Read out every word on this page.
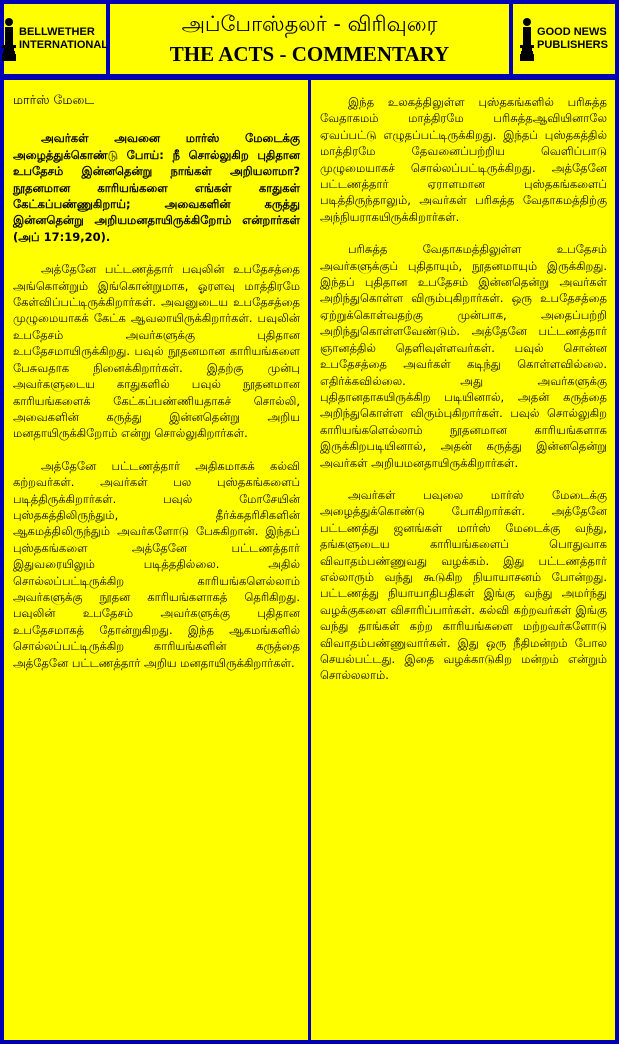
BELLWETHER
INTERNATIONAL
அப்போஸ்தலர் - விரிவுரை
THE ACTS - COMMENTARY
GOOD NEWS
PUBLISHERS
மார்ஸ் மேடை

அவர்கள் அவனை மார்ஸ் மேடைக்கு அழைத்துக்கொண்டு போய்: நீ சொல்லுகிற புதிதான உபதேசம் இன்னதென்று நாங்கள் அறியலாமா? நூதனமான காரியங்களை எங்கள் காதுகள் கேட்கப்பண்ணுகிறாய்; அவைகளின் கருத்து இன்னதென்று அறியமனதாயிருக்கிறோம் என்றார்கள் (அப் 17:19,20).

அத்தேனே பட்டணத்தார் பவுலின் உபதேசத்தை அங்கொன்றும் இங்கொன்றுமாக, ஓரளவு மாத்திரமே கேள்விப்பட்டிருக்கிறார்கள். அவனுடைய உபதேசத்தை முழுமையாகக் கேட்க ஆவலாயிருக்கிறார்கள். பவுலின் உபதேசம் அவர்களுக்கு புதிதான உபதேசமாயிருக்கிறது. பவுல் நூதனமான காரியங்களை பேசுவதாக நினைக்கிறார்கள். இதற்கு முன்பு அவர்களுடைய காதுகளில் பவுல் நூதனமான காரியங்களைக் கேட்கப்பண்ணியதாகச் சொல்லி, அவைகளின் கருத்து இன்னதென்று அறிய மனதாயிருக்கிறோம் என்று சொல்லுகிறார்கள்.

அத்தேனே பட்டணத்தார் அதிகமாகக் கல்வி கற்றவர்கள். அவர்கள் பல புஸ்தகங்களைப் படித்திருக்கிறார்கள். பவுல் மோசேயின் புஸ்தகத்திலிருந்தும், தீர்க்கதரிசிகளின் ஆகமத்திலிருந்தும் அவர்களோடு பேசுகிறான். இந்தப் புஸ்தகங்களை அத்தேனே பட்டணத்தார் இதுவரையிலும் படித்ததில்லை. அதில் சொல்லப்பட்டிருக்கிற காரியங்களெல்லாம் அவர்களுக்கு நூதன காரியங்களாகத் தெரிகிறது. பவுலின் உபதேசம் அவர்களுக்கு புதிதான உபதேசமாகத் தோன்றுகிறது. இந்த ஆகமங்களில் சொல்லப்பட்டிருக்கிற காரியங்களின் கருத்தை அத்தேனே பட்டணத்தார் அறிய மனதாயிருக்கிறார்கள்.

இந்த உலகத்திலுள்ள புஸ்தகங்களில் பரிசுத்த வேதாகமம் மாத்திரமே பரிசுத்தஆவியினாலே ஏவப்பட்டு எழுதப்பட்டிருக்கிறது. இந்தப் புஸ்தகத்தில் மாத்திரமே தேவனைப்பற்றிய வெளிப்பாடு முழுமையாகச் சொல்லப்பட்டிருக்கிறது. அத்தேனே பட்டணத்தார் ஏராளமான புஸ்தகங்களைப் படித்திருந்தாலும், அவர்கள் பரிசுத்த வேதாகமத்திற்கு அந்நியராகயிருக்கிறார்கள்.

பரிசுத்த வேதாகமத்திலுள்ள உபதேசம் அவர்களுக்குப் புதிதாயும், நூதனமாயும் இருக்கிறது. இந்தப் புதிதான உபதேசம் இன்னதென்று அவர்கள் அறிந்துகொள்ள விரும்புகிறார்கள். ஒரு உபதேசத்தை ஏற்றுக்கொள்வதற்கு முன்பாக, அதைப்பற்றி அறிந்துகொள்ளவேண்டும். அத்தேனே பட்டணத்தார் ஞானத்தில் தெளிவுள்ளவர்கள். பவுல் சொன்ன உபதேசத்தை அவர்கள் கடிந்து கொள்ளவில்லை. எதிர்க்கவில்லை. அது அவர்களுக்கு புதிதானதாகயிருக்கிற படியினால், அதன் கருத்தை அறிந்துகொள்ள விரும்புகிறார்கள். பவுல் சொல்லுகிற காரியங்களெல்லாம் நூதனமான காரியங்களாக இருக்கிறபடியினால், அதன் கருத்து இன்னதென்று அவர்கள் அறியமனதாயிருக்கிறார்கள்.

அவர்கள் பவுலை மார்ஸ் மேடைக்கு அழைத்துக்கொண்டு போகிறார்கள். அத்தேனே பட்டணத்து ஜனங்கள் மார்ஸ் மேடைக்கு வந்து, தங்களுடைய காரியங்களைப் பொதுவாக விவாதம்பண்ணுவது வழக்கம். இது பட்டணத்தார் எல்லாரும் வந்து கூடுகிற நியாயாசனம் போன்றது. பட்டணத்து நியாயாதிபதிகள் இங்கு வந்து அமர்ந்து வழக்குகளை விசாரிப்பார்கள். கல்வி கற்றவர்கள் இங்கு வந்து தாங்கள் கற்ற காரியங்களை மற்றவர்களோடு விவாதம்பண்ணுவார்கள். இது ஒரு நீதிமன்றம் போல செயல்பட்டது. இதை வழக்காடுகிற மன்றம் என்றும் சொல்லலாம்.
